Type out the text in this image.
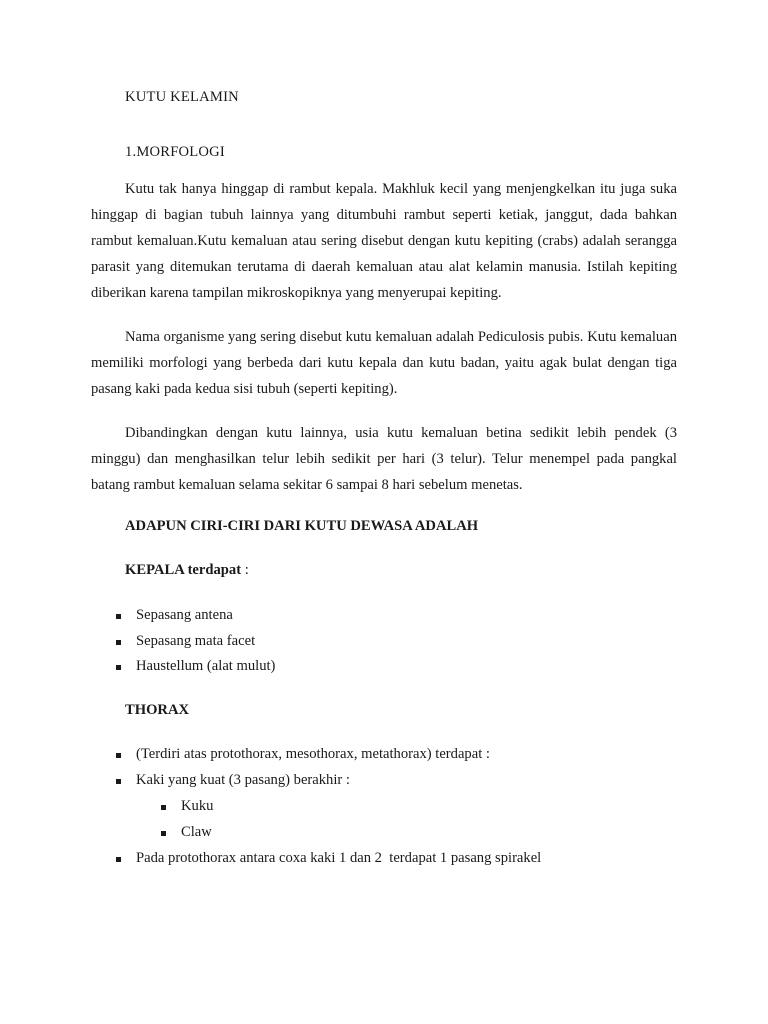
KUTU KELAMIN
1.MORFOLOGI

Kutu tak hanya hinggap di rambut kepala. Makhluk kecil yang menjengkelkan itu juga suka hinggap di bagian tubuh lainnya yang ditumbuhi rambut seperti ketiak, janggut, dada bahkan rambut kemaluan.Kutu kemaluan atau sering disebut dengan kutu kepiting (crabs) adalah serangga parasit yang ditemukan terutama di daerah kemaluan atau alat kelamin manusia. Istilah kepiting diberikan karena tampilan mikroskopiknya yang menyerupai kepiting.

Nama organisme yang sering disebut kutu kemaluan adalah Pediculosis pubis. Kutu kemaluan memiliki morfologi yang berbeda dari kutu kepala dan kutu badan, yaitu agak bulat dengan tiga pasang kaki pada kedua sisi tubuh (seperti kepiting).

Dibandingkan dengan kutu lainnya, usia kutu kemaluan betina sedikit lebih pendek (3 minggu) dan menghasilkan telur lebih sedikit per hari (3 telur). Telur menempel pada pangkal batang rambut kemaluan selama sekitar 6 sampai 8 hari sebelum menetas.

ADAPUN CIRI-CIRI DARI KUTU DEWASA ADALAH
KEPALA terdapat :
Sepasang antena
Sepasang mata facet
Haustellum (alat mulut)
THORAX
(Terdiri atas protothorax, mesothorax, metathorax) terdapat :
Kaki yang kuat (3 pasang) berakhir :
Kuku
Claw
Pada protothorax antara coxa kaki 1 dan 2  terdapat 1 pasang spirakel
